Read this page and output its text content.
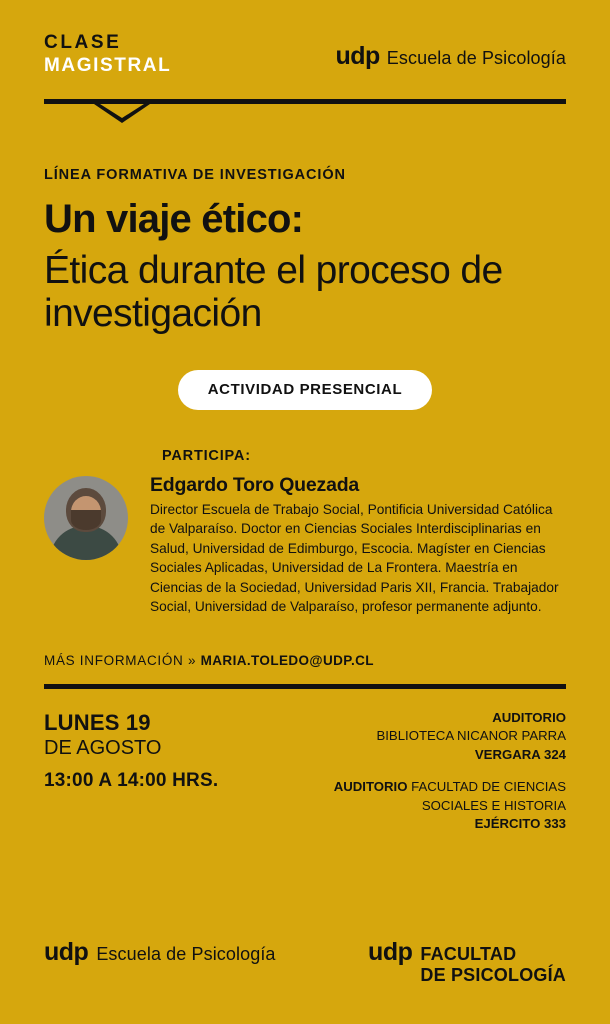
CLASE
MAGISTRAL	udp Escuela de Psicología
LÍNEA FORMATIVA DE INVESTIGACIÓN
Un viaje ético:
Ética durante el proceso de investigación
ACTIVIDAD PRESENCIAL
PARTICIPA:
Edgardo Toro Quezada
Director Escuela de Trabajo Social, Pontificia Universidad Católica de Valparaíso. Doctor en Ciencias Sociales Interdisciplinarias en Salud, Universidad de Edimburgo, Escocia. Magíster en Ciencias Sociales Aplicadas, Universidad de La Frontera. Maestría en Ciencias de la Sociedad, Universidad Paris XII, Francia. Trabajador Social, Universidad de Valparaíso, profesor permanente adjunto.
MÁS INFORMACIÓN » MARIA.TOLEDO@UDP.CL
LUNES 19
DE AGOSTO
13:00 A 14:00 HRS.
AUDITORIO
BIBLIOTECA NICANOR PARRA
VERGARA 324
AUDITORIO FACULTAD DE CIENCIAS SOCIALES E HISTORIA
EJÉRCITO 333
udp Escuela de Psicología	udp FACULTAD
DE PSICOLOGÍA
